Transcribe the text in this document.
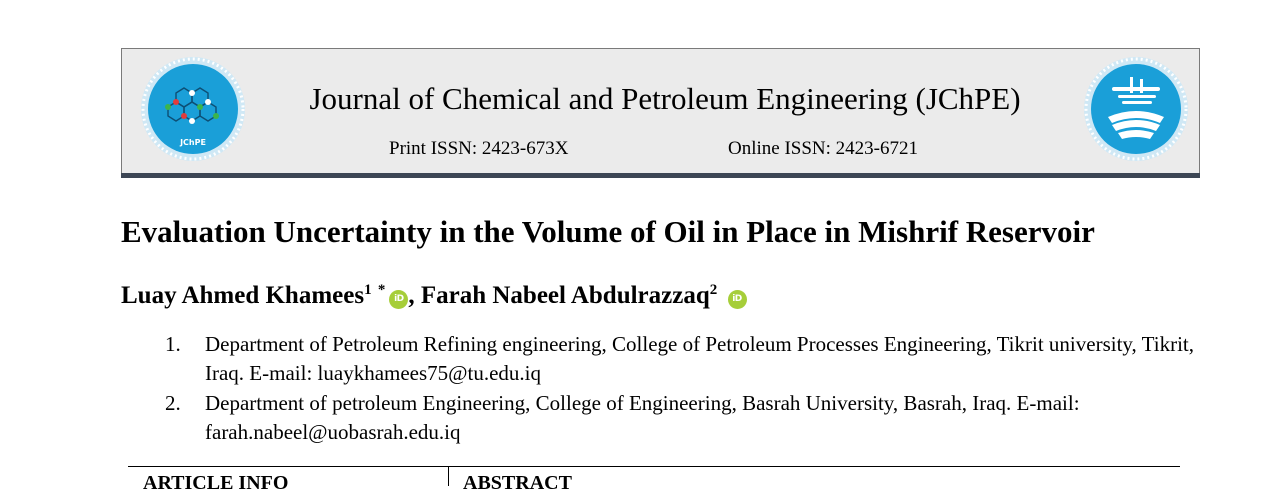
JChPE
Journal of Chemical and Petroleum Engineering (JChPE)
Print ISSN: 2423-673X	Online ISSN: 2423-6721
Evaluation Uncertainty in the Volume of Oil in Place in Mishrif Reservoir
Luay Ahmed Khamees$^1$ *iD , Farah Nabeel Abdulrazzaq$^2$ iD
1. Department of Petroleum Refining engineering, College of Petroleum Processes Engineering, Tikrit university, Tikrit, Iraq. E-mail: luaykhamees75@tu.edu.iq
2. Department of petroleum Engineering, College of Engineering, Basrah University, Basrah, Iraq. E-mail: farah.nabeel@uobasrah.edu.iq
ARTICLE INFO	ABSTRACT
